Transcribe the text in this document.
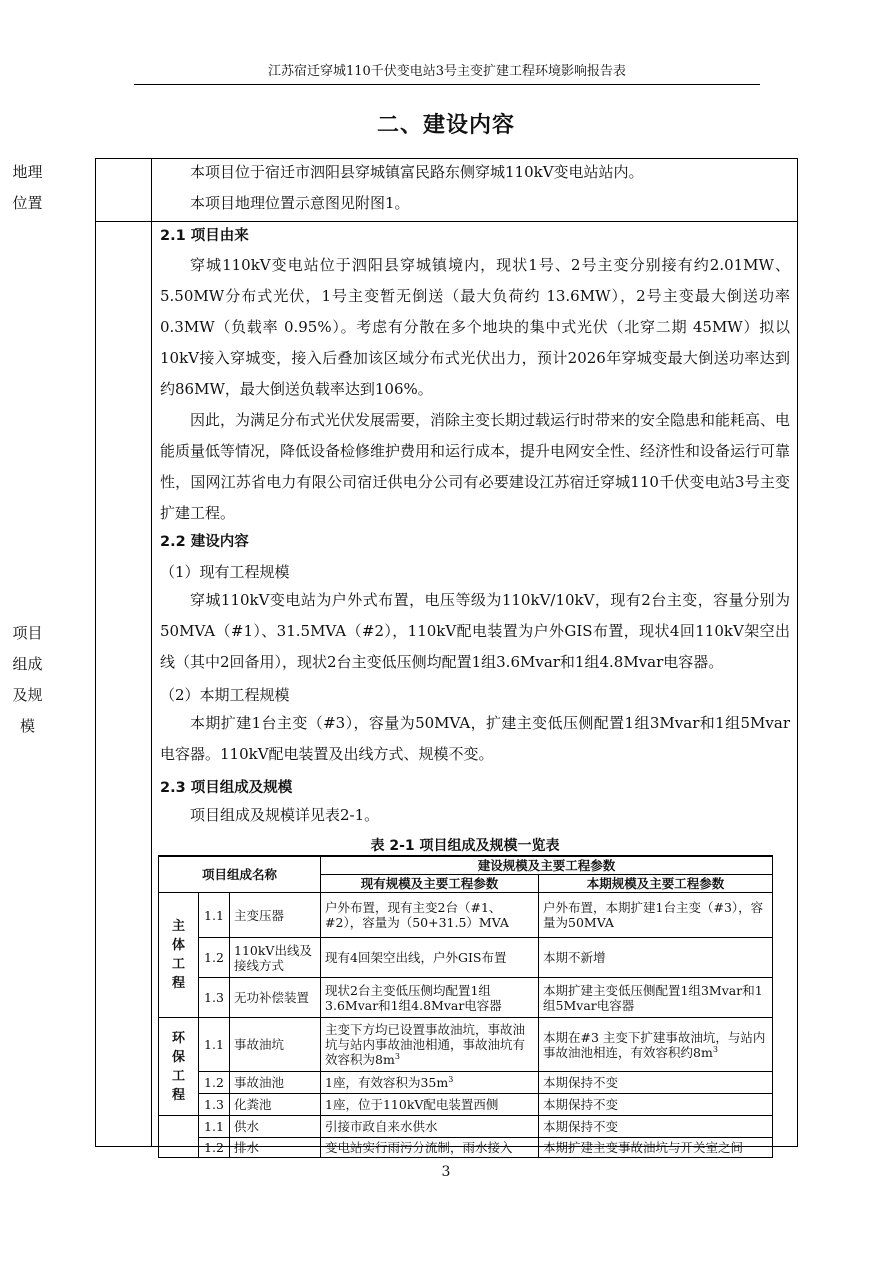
江苏宿迁穿城110千伏变电站3号主变扩建工程环境影响报告表
二、建设内容
地理
位置
本项目位于宿迁市泗阳县穿城镇富民路东侧穿城110kV变电站站内。
本项目地理位置示意图见附图1。
项目
组成
及规
模
2.1 项目由来
穿城110kV变电站位于泗阳县穿城镇境内，现状1号、2号主变分别接有约2.01MW、5.50MW分布式光伏，1号主变暂无倒送（最大负荷约 13.6MW），2号主变最大倒送功率0.3MW（负载率 0.95%）。考虑有分散在多个地块的集中式光伏（北穿二期 45MW）拟以10kV接入穿城变，接入后叠加该区域分布式光伏出力，预计2026年穿城变最大倒送功率达到约86MW，最大倒送负载率达到106%。
因此，为满足分布式光伏发展需要，消除主变长期过载运行时带来的安全隐患和能耗高、电能质量低等情况，降低设备检修维护费用和运行成本，提升电网安全性、经济性和设备运行可靠性，国网江苏省电力有限公司宿迁供电分公司有必要建设江苏宿迁穿城110千伏变电站3号主变扩建工程。
2.2 建设内容
（1）现有工程规模
穿城110kV变电站为户外式布置，电压等级为110kV/10kV，现有2台主变，容量分别为50MVA（#1）、31.5MVA（#2），110kV配电装置为户外GIS布置，现状4回110kV架空出线（其中2回备用），现状2台主变低压侧均配置1组3.6Mvar和1组4.8Mvar电容器。
（2）本期工程规模
本期扩建1台主变（#3），容量为50MVA，扩建主变低压侧配置1组3Mvar和1组5Mvar电容器。110kV配电装置及出线方式、规模不变。
2.3 项目组成及规模
项目组成及规模详见表2-1。
表 2-1 项目组成及规模一览表
项目组成名称			建设规模及主要工程参数	
			现有规模及主要工程参数	本期规模及主要工程参数
主
体
工
程	1.1	主变压器	户外布置，现有主变2台（#1、#2），容量为（50+31.5）MVA	户外布置，本期扩建1台主变（#3），容量为50MVA
	1.2	110kV出线及接线方式	现有4回架空出线，户外GIS布置	本期不新增
	1.3	无功补偿装置	现状2台主变低压侧均配置1组3.6Mvar和1组4.8Mvar电容器	本期扩建主变低压侧配置1组3Mvar和1组5Mvar电容器
环
保
工
程	1.1	事故油坑	主变下方均已设置事故油坑，事故油坑与站内事故油池相通，事故油坑有效容积为$8m^3$	本期在#3 主变下扩建事故油坑，与站内事故油池相连，有效容积约$8m^3$
	1.2	事故油池	1座，有效容积为$35m^3$	本期保持不变
	1.3	化粪池	1座，位于110kV配电装置西侧	本期保持不变
	1.1	供水	引接市政自来水供水	本期保持不变
	1.2	排水	变电站实行雨污分流制，雨水接入	本期扩建主变事故油坑与开关室之间
3
